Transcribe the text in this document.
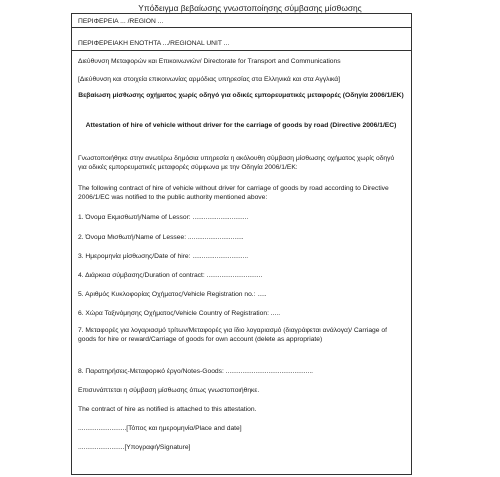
Υπόδειγμα βεβαίωσης γνωστοποίησης σύμβασης μίσθωσης
ΠΕΡΙΦΕΡΕΙΑ ... /REGION ...
ΠΕΡΙΦΕΡΕΙΑΚΗ ΕΝΟΤΗΤΑ .../REGIONAL UNIT ...
Διεύθυνση Μεταφορών και Επικοινωνιών/ Directorate for Transport and Communications
[Διεύθυνση και στοιχεία επικοινωνίας αρμόδιας υπηρεσίας στα Ελληνικά και στα Αγγλικά]
Βεβαίωση μίσθωσης οχήματος χωρίς οδηγό για οδικές εμπορευματικές μεταφορές (Οδηγία 2006/1/ΕΚ)
Attestation of hire of vehicle without driver for the carriage of goods by road (Directive 2006/1/EC)
Γνωστοποιήθηκε στην ανωτέρω δημόσια υπηρεσία η ακόλουθη σύμβαση μίσθωσης οχήματος χωρίς οδηγό για οδικές εμπορευματικές μεταφορές σύμφωνα με την Οδηγία 2006/1/ΕΚ:
The following contract of hire of vehicle without driver for carriage of goods by road according to Directive 2006/1/EC was notified to the public authority mentioned above:
1. Όνομα Εκμισθωτή/Name of Lessor: ..............................
2. Όνομα Μισθωτή/Name of Lessee: ..............................
3. Ημερομηνία μίσθωσης/Date of hire: ..............................
4. Διάρκεια σύμβασης/Duration of contract: ..............................
5. Αριθμός Κυκλοφορίας Οχήματος/Vehicle Registration no.: .....
6. Χώρα Ταξινόμησης Οχήματος/Vehicle Country of Registration: .....
7. Μεταφορές για λογαριασμό τρίτων/Μεταφορές για ίδιο λογαριασμό (διαγράφεται ανάλογα)/ Carriage of goods for hire or reward/Carriage of goods for own account (delete as appropriate)
8. Παρατηρήσεις-Μεταφορικό έργο/Notes-Goods: ...............................................
Επισυνάπτεται η σύμβαση μίσθωσης όπως γνωστοποιήθηκε.
The contract of hire as notified is attached to this attestation.
..........................[Τόπος και ημερομηνία/Place and date]
.........................[Υπογραφή/Signature]
